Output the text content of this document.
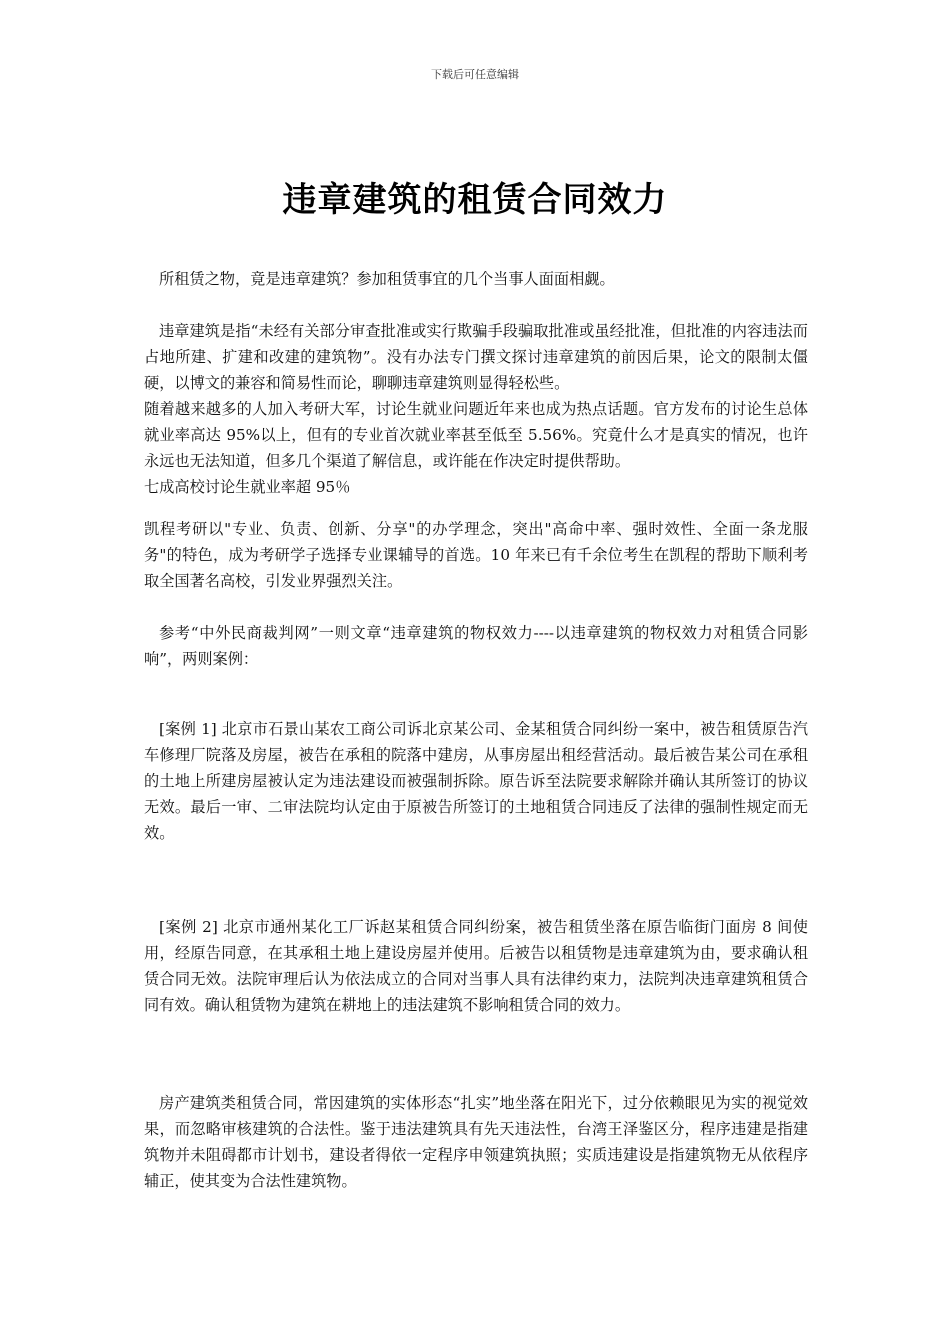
下载后可任意编辑
违章建筑的租赁合同效力

所租赁之物，竟是违章建筑？参加租赁事宜的几个当事人面面相觑。

违章建筑是指“未经有关部分审查批准或实行欺骗手段骗取批准或虽经批准，但批准的内容违法而占地所建、扩建和改建的建筑物”。没有办法专门撰文探讨违章建筑的前因后果，论文的限制太僵硬，以博文的兼容和简易性而论，聊聊违章建筑则显得轻松些。

随着越来越多的人加入考研大军，讨论生就业问题近年来也成为热点话题。官方发布的讨论生总体就业率高达 95%以上，但有的专业首次就业率甚至低至 5.56%。究竟什么才是真实的情况，也许永远也无法知道，但多几个渠道了解信息，或许能在作决定时提供帮助。

七成高校讨论生就业率超 95％

凯程考研以"专业、负责、创新、分享"的办学理念，突出"高命中率、强时效性、全面一条龙服务"的特色，成为考研学子选择专业课辅导的首选。10 年来已有千余位考生在凯程的帮助下顺利考取全国著名高校，引发业界强烈关注。

参考“中外民商裁判网”一则文章“违章建筑的物权效力----以违章建筑的物权效力对租赁合同影响”，两则案例：

[案例 1] 北京市石景山某农工商公司诉北京某公司、金某租赁合同纠纷一案中，被告租赁原告汽车修理厂院落及房屋，被告在承租的院落中建房，从事房屋出租经营活动。最后被告某公司在承租的土地上所建房屋被认定为违法建设而被强制拆除。原告诉至法院要求解除并确认其所签订的协议无效。最后一审、二审法院均认定由于原被告所签订的土地租赁合同违反了法律的强制性规定而无效。

[案例 2] 北京市通州某化工厂诉赵某租赁合同纠纷案，被告租赁坐落在原告临街门面房 8 间使用，经原告同意，在其承租土地上建设房屋并使用。后被告以租赁物是违章建筑为由，要求确认租赁合同无效。法院审理后认为依法成立的合同对当事人具有法律约束力，法院判决违章建筑租赁合同有效。确认租赁物为建筑在耕地上的违法建筑不影响租赁合同的效力。

房产建筑类租赁合同，常因建筑的实体形态“扎实”地坐落在阳光下，过分依赖眼见为实的视觉效果，而忽略审核建筑的合法性。鉴于违法建筑具有先天违法性，台湾王泽鉴区分，程序违建是指建筑物并未阻碍都市计划书，建设者得依一定程序申领建筑执照；实质违建设是指建筑物无从依程序辅正，使其变为合法性建筑物。
